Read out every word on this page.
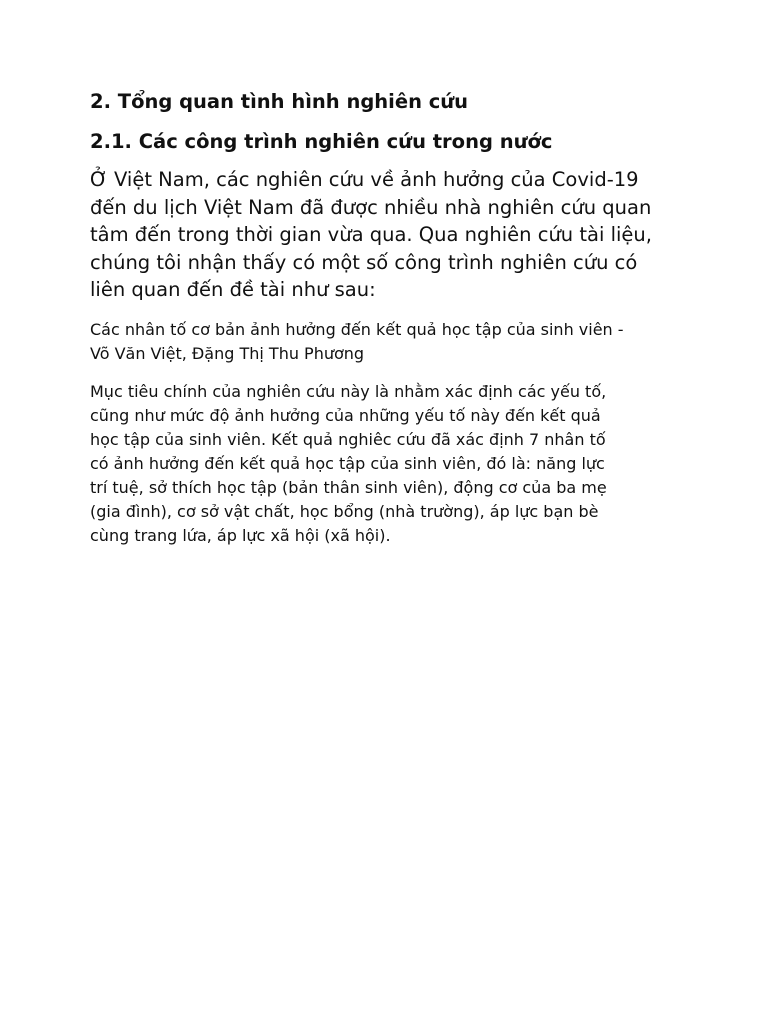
2. Tổng quan tình hình nghiên cứu
2.1. Các công trình nghiên cứu trong nước

Ở Việt Nam, các nghiên cứu về ảnh hưởng của Covid-19
đến du lịch Việt Nam đã được nhiều nhà nghiên cứu quan
tâm đến trong thời gian vừa qua. Qua nghiên cứu tài liệu,
chúng tôi nhận thấy có một số công trình nghiên cứu có
liên quan đến đề tài như sau:

Các nhân tố cơ bản ảnh hưởng đến kết quả học tập của sinh viên -
Võ Văn Việt, Đặng Thị Thu Phương

Mục tiêu chính của nghiên cứu này là nhằm xác định các yếu tố,
cũng như mức độ ảnh hưởng của những yếu tố này đến kết quả
học tập của sinh viên. Kết quả nghiêc cứu đã xác định 7 nhân tố
có ảnh hưởng đến kết quả học tập của sinh viên, đó là: năng lực
trí tuệ, sở thích học tập (bản thân sinh viên), động cơ của ba mẹ
(gia đình), cơ sở vật chất, học bổng (nhà trường), áp lực bạn bè
cùng trang lứa, áp lực xã hội (xã hội).
